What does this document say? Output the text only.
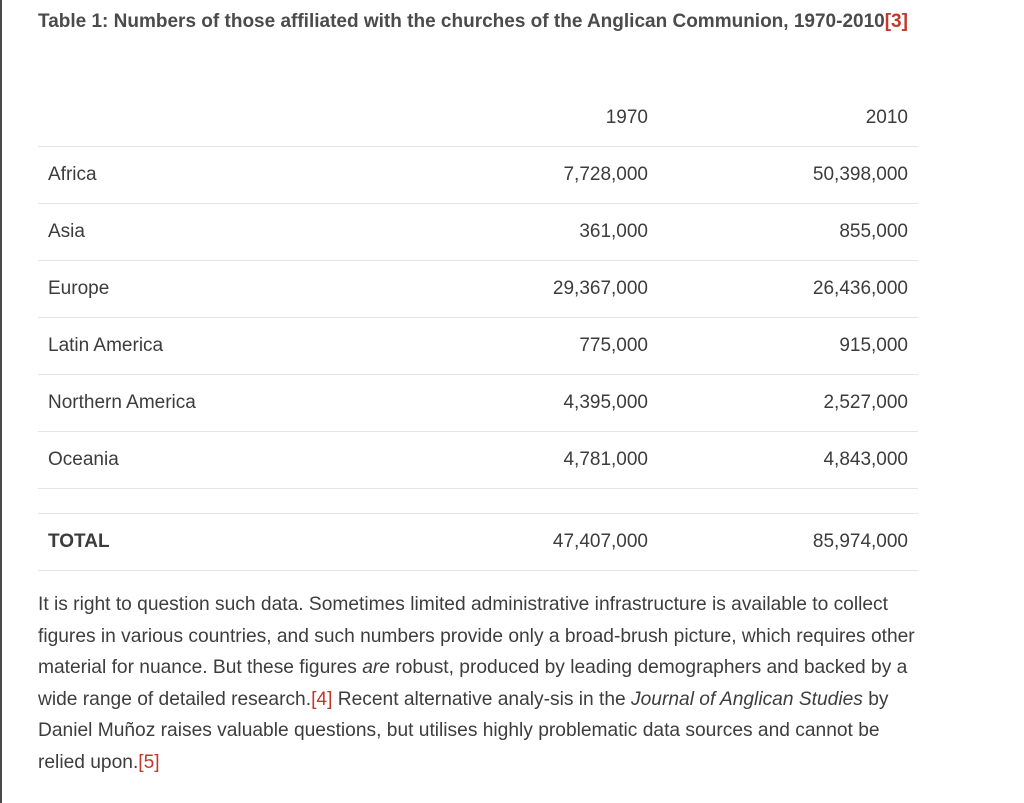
Table 1: Numbers of those affiliated with the churches of the Anglican Communion, 1970-2010[3]
	1970	2010
Africa	7,728,000	50,398,000
Asia	361,000	855,000
Europe	29,367,000	26,436,000
Latin America	775,000	915,000
Northern America	4,395,000	2,527,000
Oceania	4,781,000	4,843,000

TOTAL	47,407,000	85,974,000

It is right to question such data. Sometimes limited administrative infrastructure is available to collect figures in various countries, and such numbers provide only a broad-brush picture, which requires other material for nuance. But these figures are robust, produced by leading demographers and backed by a wide range of detailed research.[4] Recent alternative analy-sis in the Journal of Anglican Studies by Daniel Muñoz raises valuable questions, but utilises highly problematic data sources and cannot be relied upon.[5]
